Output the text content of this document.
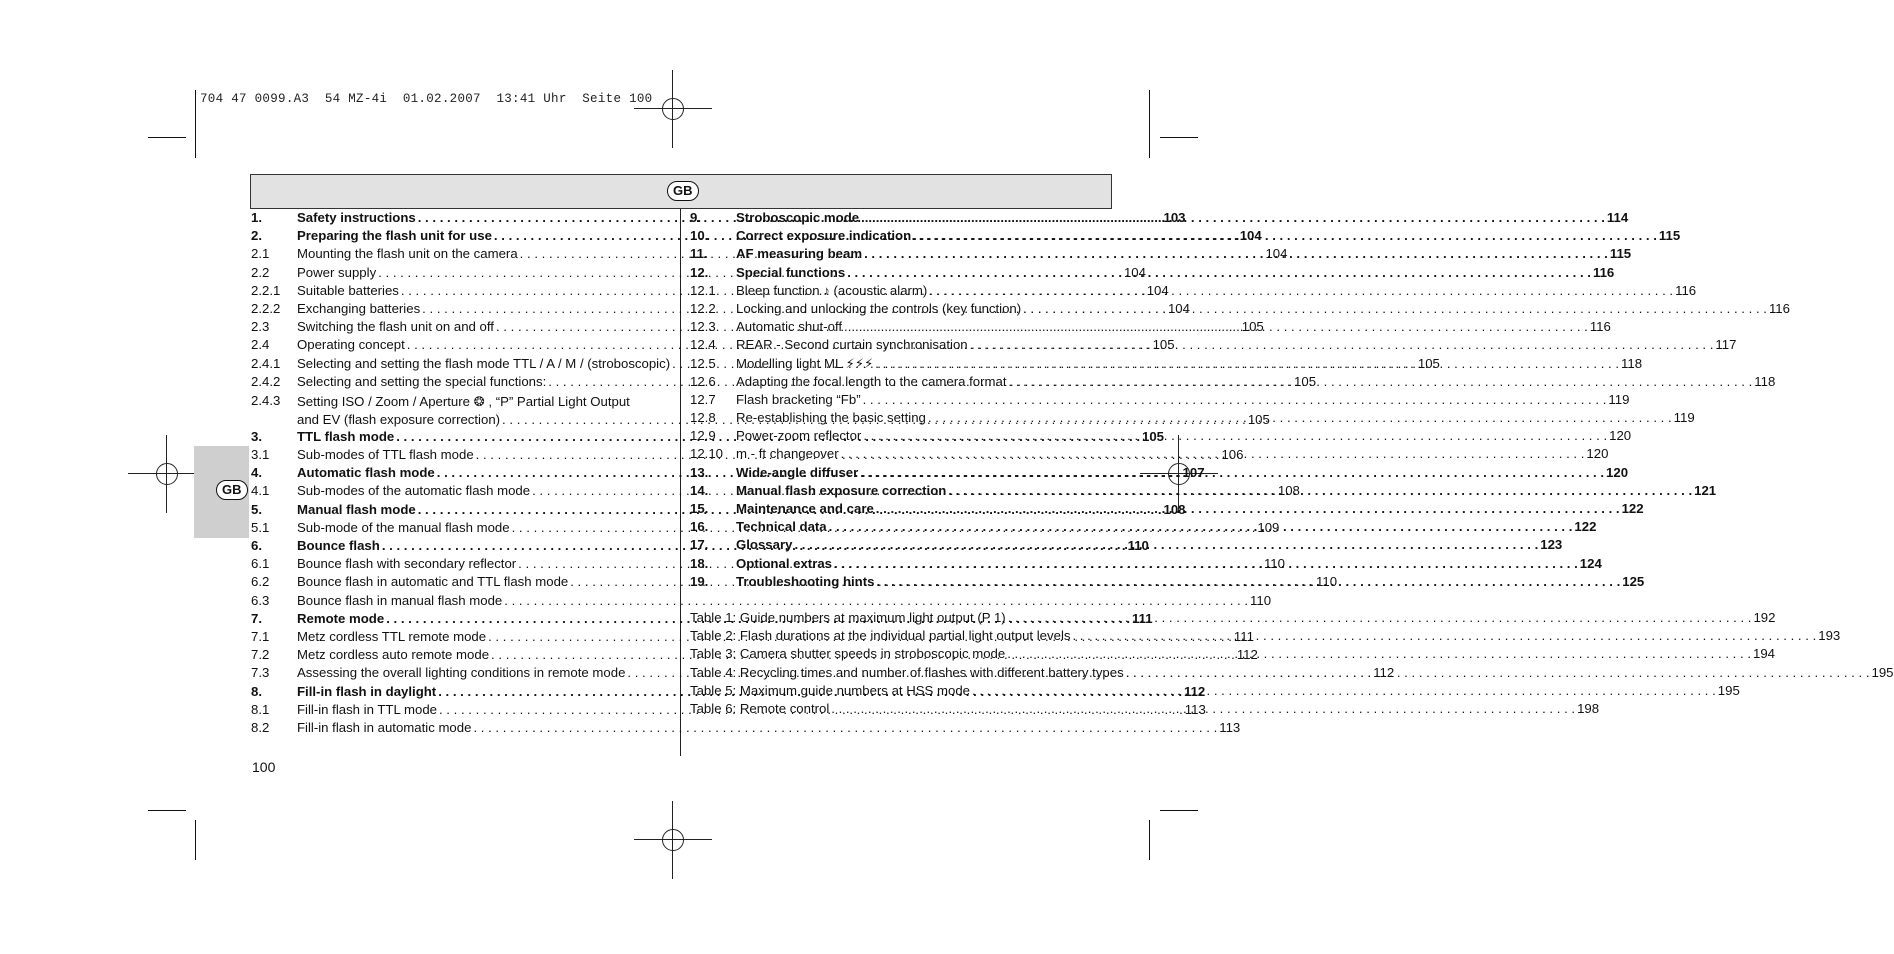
704 47 0099.A3  54 MZ-4i  01.02.2007  13:41 Uhr  Seite 100
GB
GB
1.	Safety instructions . . .	103
2.	Preparing the flash unit for use . . .	104
2.1	Mounting the flash unit on the camera . . .	104
2.2	Power supply . . .	104
2.2.1	Suitable batteries . . .	104
2.2.2	Exchanging batteries . . .	104
2.3	Switching the flash unit on and off . . .	105
2.4	Operating concept . . .	105
2.4.1	Selecting and setting the flash mode TTL / A / M / (stroboscopic) . . .	105
2.4.2	Selecting and setting the special functions: . . .	105
2.4.3	Setting ISO / Zoom / Aperture ❂ , “P” Partial Light Output
and EV (flash exposure correction) . . .	105
3.	TTL flash mode . . .	105
3.1	Sub-modes of TTL flash mode . . .	106
4.	Automatic flash mode . . .	107
4.1	Sub-modes of the automatic flash mode . . .	108
5.	Manual flash mode . . .	108
5.1	Sub-mode of the manual flash mode . . .	109
6.	Bounce flash . . .	110
6.1	Bounce flash with secondary reflector . . .	110
6.2	Bounce flash in automatic and TTL flash mode . . .	110
6.3	Bounce flash in manual flash mode . . .	110
7.	Remote mode . . .	111
7.1	Metz cordless TTL remote mode . . .	111
7.2	Metz cordless auto remote mode . . .	112
7.3	Assessing the overall lighting conditions in remote mode . . .	112
8.	Fill-in flash in daylight . . .	112
8.1	Fill-in flash in TTL mode . . .	113
8.2	Fill-in flash in automatic mode . . .	113
9.	Stroboscopic mode . . .	114
10.	Correct exposure indication . . .	115
11.	AF measuring beam . . .	115
12.	Special functions . . .	116
12.1	Bleep function ♪ (acoustic alarm) . . .	116
12.2	Locking and unlocking the controls (key function) . . .	116
12.3	Automatic shut-off . . .	116
12.4	REAR - Second curtain synchronisation . . .	117
12.5	Modelling light ML ⚡⚡⚡ . . .	118
12.6	Adapting the focal length to the camera format . . .	118
12.7	Flash bracketing “Fb” . . .	119
12.8	Re-establishing the basic setting . . .	119
12.9	Power-zoom reflector . . .	120
12.10 m - ft changeover . . .	120
13.	Wide-angle diffuser . . .	120
14.	Manual flash exposure correction . . .	121
15.	Maintenance and care . . .	122
16.	Technical data . . .	122
17.	Glossary . . .	123
18.	Optional extras . . .	124
19.	Troubleshooting hints . . .	125
Table 1: Guide numbers at maximum light output (P 1) . . .	192
Table 2: Flash durations at the individual partial light output levels . . .	193
Table 3: Camera shutter speeds in stroboscopic mode . . .	194
Table 4: Recycling times and number of flashes with different battery types . . .	195
Table 5: Maximum guide numbers at HSS mode . . .	195
Table 6: Remote control . . .	198
100
